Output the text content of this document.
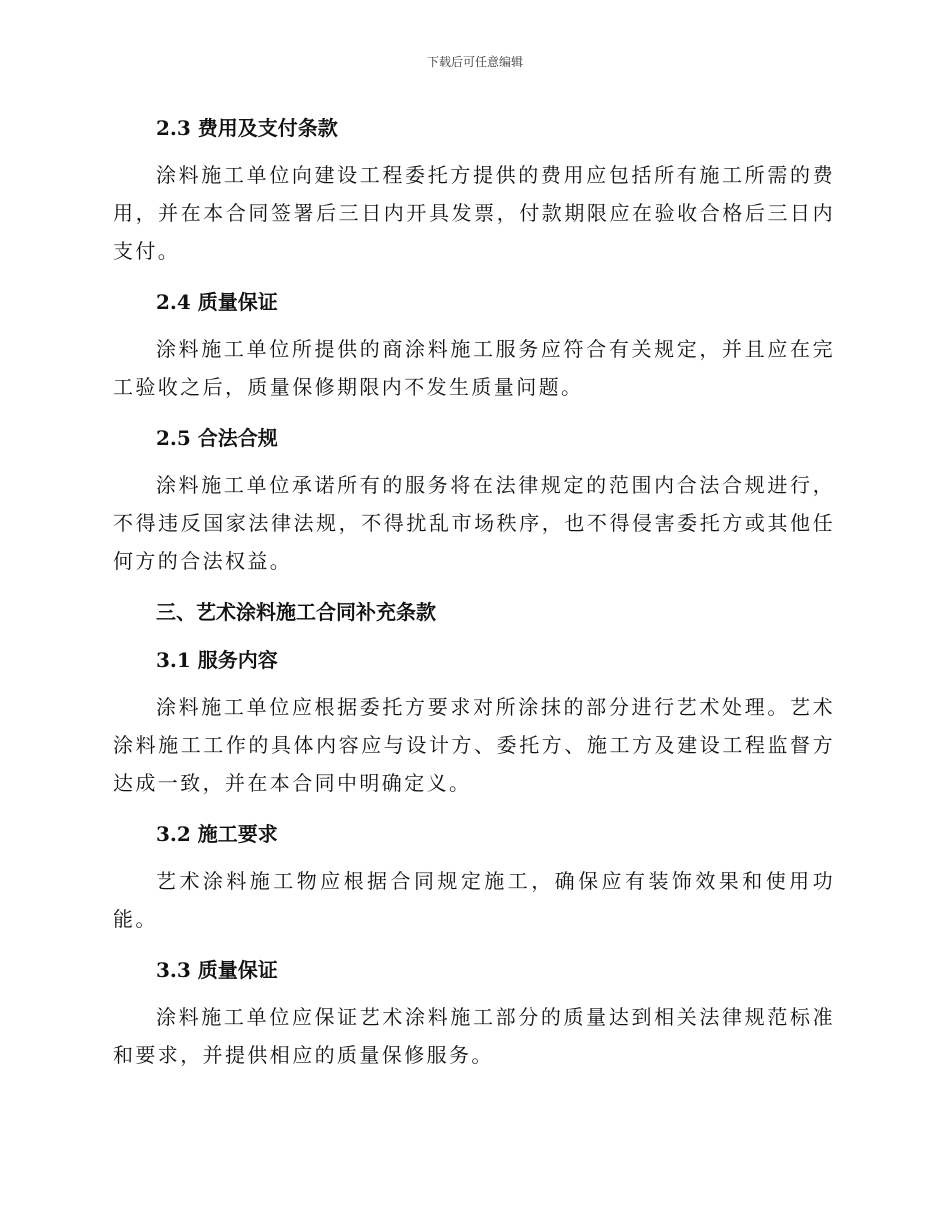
下载后可任意编辑
2.3 费用及支付条款

涂料施工单位向建设工程委托方提供的费用应包括所有施工所需的费用，并在本合同签署后三日内开具发票，付款期限应在验收合格后三日内支付。

2.4 质量保证

涂料施工单位所提供的商涂料施工服务应符合有关规定，并且应在完工验收之后，质量保修期限内不发生质量问题。

2.5 合法合规

涂料施工单位承诺所有的服务将在法律规定的范围内合法合规进行，不得违反国家法律法规，不得扰乱市场秩序，也不得侵害委托方或其他任何方的合法权益。

三、艺术涂料施工合同补充条款
3.1 服务内容

涂料施工单位应根据委托方要求对所涂抹的部分进行艺术处理。艺术涂料施工工作的具体内容应与设计方、委托方、施工方及建设工程监督方达成一致，并在本合同中明确定义。

3.2 施工要求

艺术涂料施工物应根据合同规定施工，确保应有装饰效果和使用功能。

3.3 质量保证

涂料施工单位应保证艺术涂料施工部分的质量达到相关法律规范标准和要求，并提供相应的质量保修服务。
